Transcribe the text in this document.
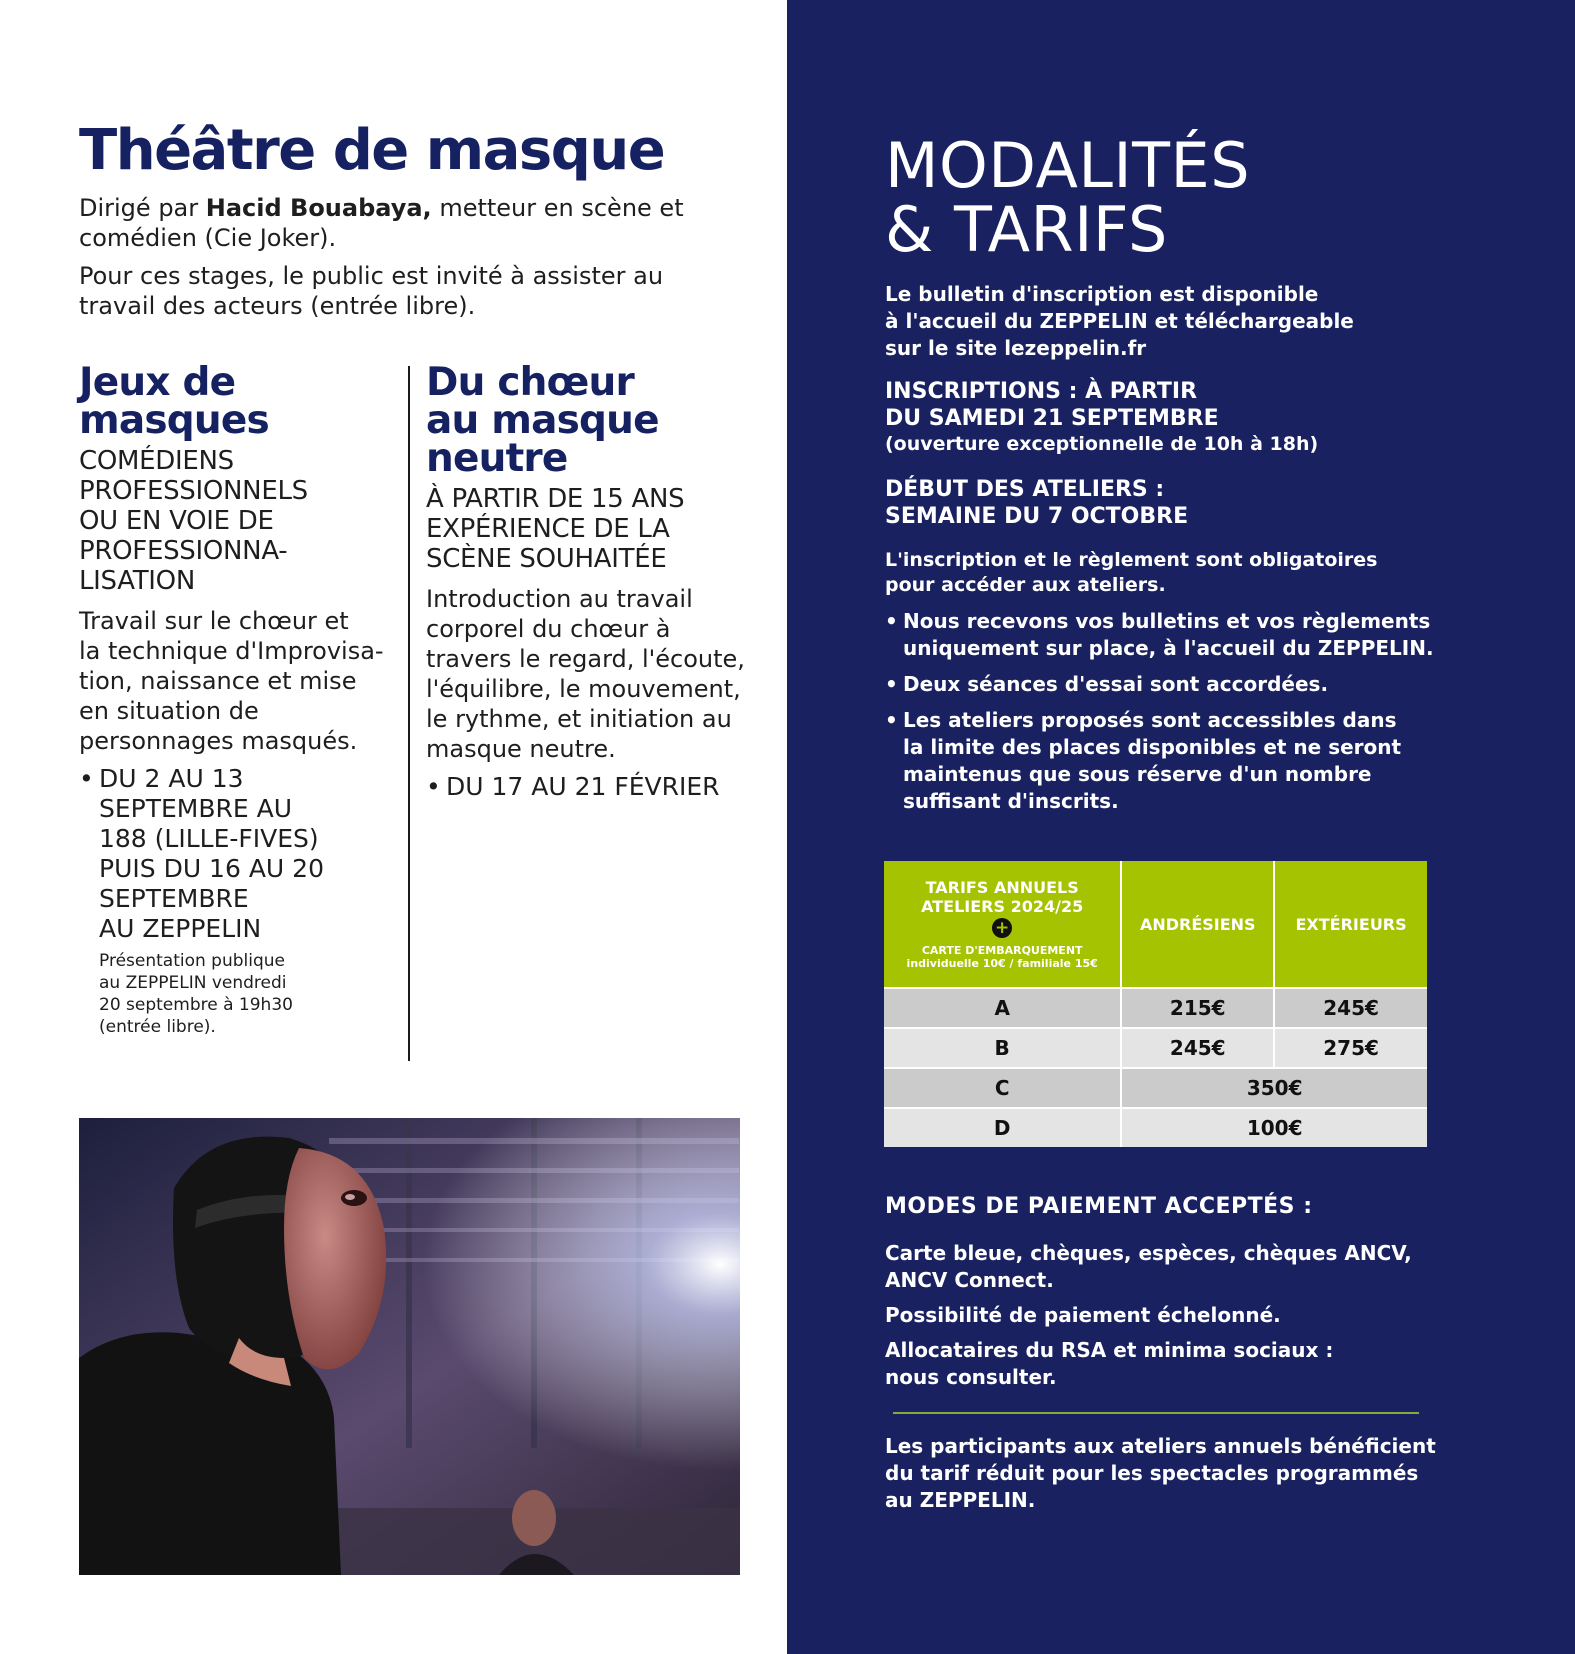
Théâtre de masque

Dirigé par Hacid Bouabaya, metteur en scène et comédien (Cie Joker).

Pour ces stages, le public est invité à assister au travail des acteurs (entrée libre).

Jeux de
masques

COMÉDIENS
PROFESSIONNELS
OU EN VOIE DE
PROFESSIONNA-
LISATION

Travail sur le chœur et
la technique d'Improvisa-
tion, naissance et mise
en situation de
personnages masqués.

• DU 2 AU 13
SEPTEMBRE AU
188 (LILLE-FIVES)
PUIS DU 16 AU 20
SEPTEMBRE
AU ZEPPELIN

Présentation publique
au ZEPPELIN vendredi
20 septembre à 19h30
(entrée libre).

Du chœur
au masque
neutre

À PARTIR DE 15 ANS
EXPÉRIENCE DE LA
SCÈNE SOUHAITÉE

Introduction au travail
corporel du chœur à
travers le regard, l'écoute,
l'équilibre, le mouvement,
le rythme, et initiation au
masque neutre.

• DU 17 AU 21 FÉVRIER
MODALITÉS
& TARIFS

Le bulletin d'inscription est disponible
à l'accueil du ZEPPELIN et téléchargeable
sur le site lezeppelin.fr

INSCRIPTIONS : À PARTIR
DU SAMEDI 21 SEPTEMBRE

(ouverture exceptionnelle de 10h à 18h)

DÉBUT DES ATELIERS :
SEMAINE DU 7 OCTOBRE

L'inscription et le règlement sont obligatoires
pour accéder aux ateliers.

• Nous recevons vos bulletins et vos règlements
uniquement sur place, à l'accueil du ZEPPELIN.
• Deux séances d'essai sont accordées.
• Les ateliers proposés sont accessibles dans
la limite des places disponibles et ne seront
maintenus que sous réserve d'un nombre
suffisant d'inscrits.
TARIFS ANNUELS
ATELIERS 2024/25
+
CARTE D'EMBARQUEMENT
individuelle 10€ / familiale 15€	ANDRÉSIENS	EXTÉRIEURS
A	215€	245€
B	245€	275€
C	350€	
D	100€	

MODES DE PAIEMENT ACCEPTÉS :

Carte bleue, chèques, espèces, chèques ANCV,
ANCV Connect.

Possibilité de paiement échelonné.

Allocataires du RSA et minima sociaux :
nous consulter.

Les participants aux ateliers annuels bénéficient
du tarif réduit pour les spectacles programmés
au ZEPPELIN.
